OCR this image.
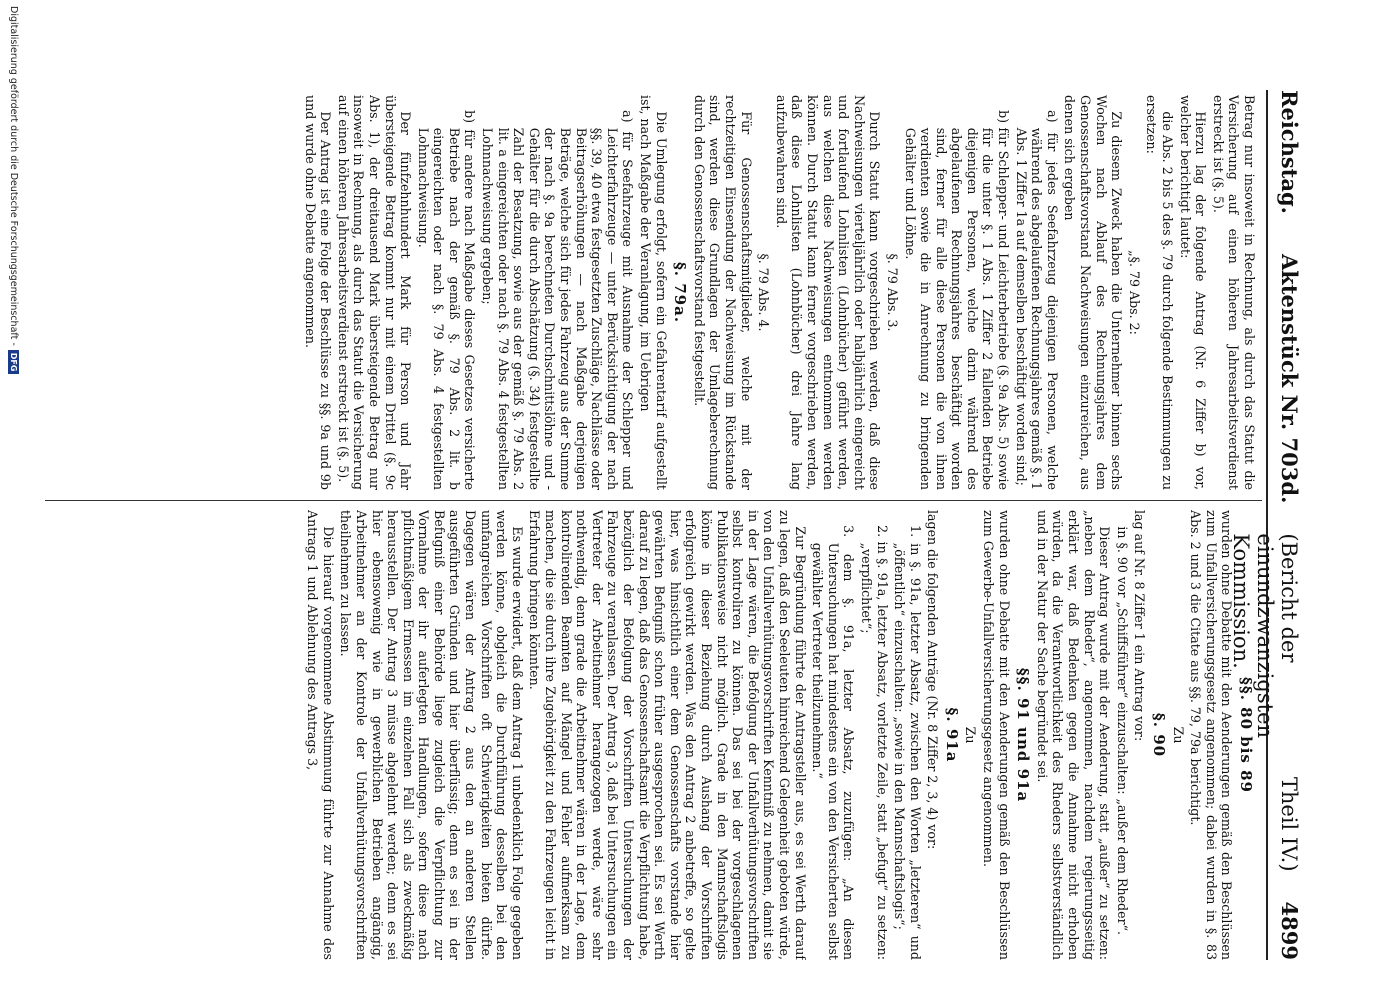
Reichstag.
Aktenstück Nr. 703d.
(Bericht der einundzwanzigsten Kommission.
Theil IV.)
4899

Betrag nur insoweit in Rechnung, als durch das Statut die Versicherung auf einen höheren Jahresarbeitsverdienst erstreckt ist (§. 5).

Hierzu lag der folgende Antrag (Nr. 6 Ziffer b) vor, welcher berichtigt lautet:

die Abs. 2 bis 5 des §. 79 durch folgende Bestimmungen zu ersetzen:

„§. 79 Abs. 2:

Zu diesem Zweck haben die Unternehmer binnen sechs Wochen nach Ablauf des Rechnungsjahres dem Genossenschaftsvorstand Nachweisungen einzureichen, aus denen sich ergeben

a) für jedes Seefahrzeug diejenigen Personen, welche während des abgelaufenen Rechnungsjahres gemäß §. 1 Abs. 1 Ziffer 1a auf demselben beschäftigt worden sind;

b) für Schlepper- und Leichterbetriebe (§. 9a Abs. 5) sowie für die unter §. 1 Abs. 1 Ziffer 2 fallenden Betriebe diejenigen Personen, welche darin während des abgelaufenen Rechnungsjahres beschäftigt worden sind, ferner für alle diese Personen die von ihnen verdienten sowie die in Anrechnung zu bringenden Gehälter und Löhne.

§. 79 Abs. 3.

Durch Statut kann vorgeschrieben werden, daß diese Nachweisungen vierteljährlich oder halbjährlich eingereicht und fortlaufend Lohnlisten (Lohnbücher) geführt werden, aus welchen diese Nachweisungen entnommen werden können. Durch Statut kann ferner vorgeschrieben werden, daß diese Lohnlisten (Lohnbücher) drei Jahre lang aufzubewahren sind.

§. 79 Abs. 4.

Für Genossenschaftsmitglieder, welche mit der rechtzeitigen Einsendung der Nachweisung im Rückstande sind, werden diese Grundlagen der Umlageberechnung durch den Genossenschaftsvorstand festgestellt.

§. 79a.

Die Umlegung erfolgt, sofern ein Gefahrentarif aufgestellt ist, nach Maßgabe der Veranlagung, im Uebrigen

a) für Seefahrzeuge mit Ausnahme der Schlepper und Leichterfahrzeuge — unter Berücksichtigung der nach §§. 39, 40 etwa festgesetzten Zuschläge, Nachlässe oder Beitragserhöhungen — nach Maßgabe derjenigen Beträge, welche sich für jedes Fahrzeug aus der Summe der nach §. 9a berechneten Durchschnittslöhne und -Gehälter für die durch Abschätzung (§. 34) festgestellte Zahl der Besatzung, sowie aus der gemäß §. 79 Abs. 2 lit. a eingereichten oder nach §. 79 Abs. 4 festgestellten Lohnnachweisung ergeben;

b) für andere nach Maßgabe dieses Gesetzes versicherte Betriebe nach der gemäß §. 79 Abs. 2 lit. b eingereichten oder nach §. 79 Abs. 4 festgestellten Lohnnachweisung.

Der fünfzehnhundert Mark für Person und Jahr übersteigende Betrag kommt nur mit einem Drittel (§. 9c Abs. 1), der dreitausend Mark übersteigende Betrag nur insoweit in Rechnung, als durch das Statut die Versicherung auf einen höheren Jahresarbeitsverdienst erstreckt ist (§. 5).

Der Antrag ist eine Folge der Beschlüsse zu §§. 9a und 9b und wurde ohne Debatte angenommen.

§§. 80 bis 89

wurden ohne Debatte mit den Aenderungen gemäß den Beschlüssen zum Unfallversicherungsgesetz angenommen; dabei wurden in §. 83 Abs. 2 und 3 die Citate aus §§. 79, 79a berichtigt.

Zu

§. 90

lag auf Nr. 8 Ziffer 1 ein Antrag vor:

in §. 90 vor „Schiffsführer“ einzuschalten: „außer dem Rheder“.

Dieser Antrag wurde mit der Aenderung, statt „außer“ zu setzen: „neben dem Rheder“, angenommen, nachdem regierungsseitig erklärt war, daß Bedenken gegen die Annahme nicht erhoben würden, da die Verantwortlichkeit des Rheders selbstverständlich und in der Natur der Sache begründet sei.

§§. 91 und 91a

wurden ohne Debatte mit den Aenderungen gemäß den Beschlüssen zum Gewerbe-Unfallversicherungsgesetz angenommen.

Zu

§. 91a

lagen die folgenden Anträge (Nr. 8 Ziffer 2, 3, 4) vor:

1. in §. 91a, letzter Absatz, zwischen den Worten „letzteren“ und „öffentlich“ einzuschalten: „sowie in den Mannschaftslogis“;

2. in §. 91a, letzter Absatz, vorletzte Zeile, statt „befugt“ zu setzen: „verpflichtet“;

3. dem §. 91a, letzter Absatz, zuzufügen: „An diesen Untersuchungen hat mindestens ein von den Versicherten selbst gewählter Vertreter theilzunehmen.“

Zur Begründung führte der Antragsteller aus, es sei Werth darauf zu legen, daß den Seeleuten hinreichend Gelegenheit geboten würde, von den Unfallverhütungsvorschriften Kenntniß zu nehmen, damit sie in der Lage wären, die Befolgung der Unfallverhütungsvorschriften selbst kontroliren zu können. Das sei bei der vorgeschlagenen Publikationsweise nicht möglich. Grade in den Mannschaftslogis könne in dieser Beziehung durch Aushang der Vorschriften erfolgreich gewirkt werden. Was den Antrag 2 anbetreffe, so gelte hier, was hinsichtlich einer dem Genossenschafts vorstande hier gewährten Befugniß schon früher ausgesprochen sei. Es sei Werth darauf zu legen, daß das Genossenschaftsamt die Verpflichtung habe, bezüglich der Befolgung der Vorschriften Untersuchungen der Fahrzeuge zu veranlassen. Der Antrag 3, daß bei Untersuchungen ein Vertreter der Arbeitnehmer herangezogen werde, wäre sehr nothwendig, denn grade die Arbeitnehmer wären in der Lage, dem kontrolirenden Beamten auf Mängel und Fehler aufmerksam zu machen, die sie durch ihre Zugehörigkeit zu den Fahrzeugen leicht in Erfahrung bringen könnten.

Es wurde erwidert, daß dem Antrag 1 unbedenklich Folge gegeben werden könne, obgleich die Durchführung desselben bei den umfangreichen Vorschriften oft Schwierigkeiten bieten dürfte. Dagegen wären der Antrag 2 aus den an anderen Stellen ausgeführten Gründen und hier überflüssig; denn es sei in der Befugniß einer Behörde liege zugleich die Verpflichtung zur Vornahme der ihr auferlegten Handlungen, sofern diese nach pflichtmäßigem Ermessen im einzelnen Fall sich als zweckmäßig herausstellen. Der Antrag 3 müsse abgelehnt werden; denn es sei hier ebensowenig wie in gewerblichen Betrieben angängig, Arbeitnehmer an der Kontrole der Unfallverhütungsvorschriften theilnehmen zu lassen.

Die hierauf vorgenommene Abstimmung führte zur Annahme des Antrags 1 und Ablehnung des Antrags 3,

Digitalisierung gefördert durch die Deutsche Forschungsgemeinschaft -
DFG
